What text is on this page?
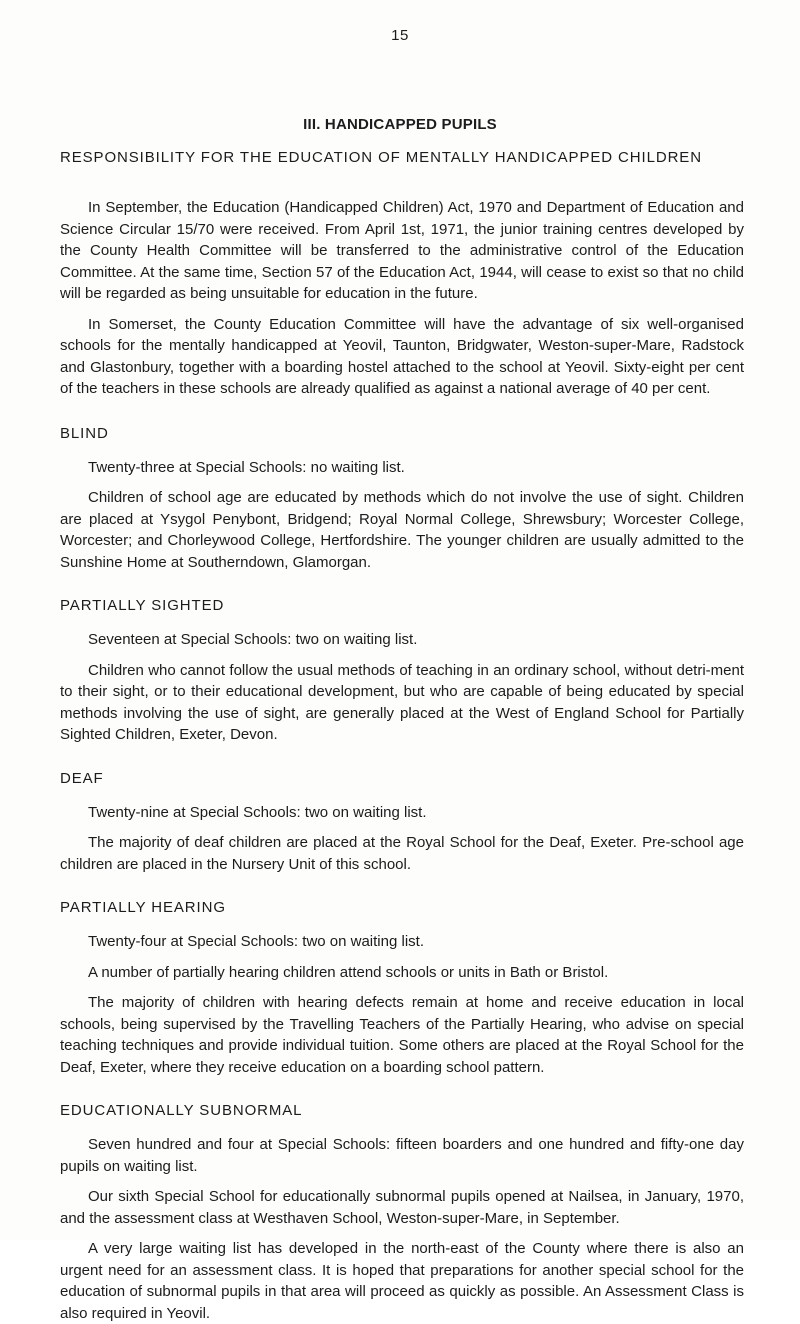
15
III. HANDICAPPED PUPILS

RESPONSIBILITY FOR THE EDUCATION OF MENTALLY HANDICAPPED CHILDREN

In September, the Education (Handicapped Children) Act, 1970 and Department of Education and Science Circular 15/70 were received. From April 1st, 1971, the junior training centres developed by the County Health Committee will be transferred to the administrative control of the Education Committee. At the same time, Section 57 of the Education Act, 1944, will cease to exist so that no child will be regarded as being unsuitable for education in the future.

In Somerset, the County Education Committee will have the advantage of six well-organised schools for the mentally handicapped at Yeovil, Taunton, Bridgwater, Weston-super-Mare, Radstock and Glastonbury, together with a boarding hostel attached to the school at Yeovil. Sixty-eight per cent of the teachers in these schools are already qualified as against a national average of 40 per cent.

BLIND

Twenty-three at Special Schools: no waiting list.

Children of school age are educated by methods which do not involve the use of sight. Children are placed at Ysygol Penybont, Bridgend; Royal Normal College, Shrewsbury; Worcester College, Worcester; and Chorleywood College, Hertfordshire. The younger children are usually admitted to the Sunshine Home at Southerndown, Glamorgan.

PARTIALLY SIGHTED

Seventeen at Special Schools: two on waiting list.

Children who cannot follow the usual methods of teaching in an ordinary school, without detri-ment to their sight, or to their educational development, but who are capable of being educated by special methods involving the use of sight, are generally placed at the West of England School for Partially Sighted Children, Exeter, Devon.

DEAF

Twenty-nine at Special Schools: two on waiting list.

The majority of deaf children are placed at the Royal School for the Deaf, Exeter. Pre-school age children are placed in the Nursery Unit of this school.

PARTIALLY HEARING

Twenty-four at Special Schools: two on waiting list.

A number of partially hearing children attend schools or units in Bath or Bristol.

The majority of children with hearing defects remain at home and receive education in local schools, being supervised by the Travelling Teachers of the Partially Hearing, who advise on special teaching techniques and provide individual tuition. Some others are placed at the Royal School for the Deaf, Exeter, where they receive education on a boarding school pattern.

EDUCATIONALLY SUBNORMAL

Seven hundred and four at Special Schools: fifteen boarders and one hundred and fifty-one day pupils on waiting list.

Our sixth Special School for educationally subnormal pupils opened at Nailsea, in January, 1970, and the assessment class at Westhaven School, Weston-super-Mare, in September.

A very large waiting list has developed in the north-east of the County where there is also an urgent need for an assessment class. It is hoped that preparations for another special school for the education of subnormal pupils in that area will proceed as quickly as possible. An Assessment Class is also required in Yeovil.
